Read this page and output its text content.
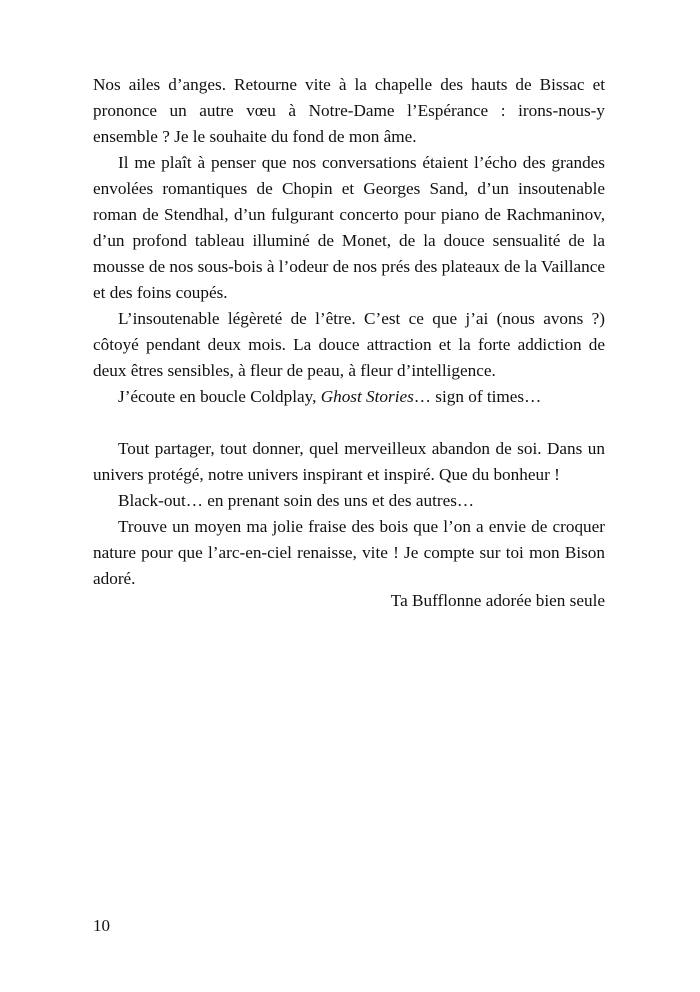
Nos ailes d’anges. Retourne vite à la chapelle des hauts de Bissac et prononce un autre vœu à Notre-Dame l’Espérance : irons-nous-y ensemble ? Je le souhaite du fond de mon âme.

Il me plaît à penser que nos conversations étaient l’écho des grandes envolées romantiques de Chopin et Georges Sand, d’un insoutenable roman de Stendhal, d’un fulgurant concerto pour piano de Rachmaninov, d’un profond tableau illuminé de Monet, de la douce sensualité de la mousse de nos sous-bois à l’odeur de nos prés des plateaux de la Vaillance et des foins coupés.

L’insoutenable légèreté de l’être. C’est ce que j’ai (nous avons ?) côtoyé pendant deux mois. La douce attraction et la forte addiction de deux êtres sensibles, à fleur de peau, à fleur d’intelligence.

J’écoute en boucle Coldplay, Ghost Stories… sign of times…

Tout partager, tout donner, quel merveilleux abandon de soi. Dans un univers protégé, notre univers inspirant et inspiré. Que du bonheur !

Black-out… en prenant soin des uns et des autres…

Trouve un moyen ma jolie fraise des bois que l’on a envie de croquer nature pour que l’arc-en-ciel renaisse, vite ! Je compte sur toi mon Bison adoré.

Ta Bufflonne adorée bien seule
10
